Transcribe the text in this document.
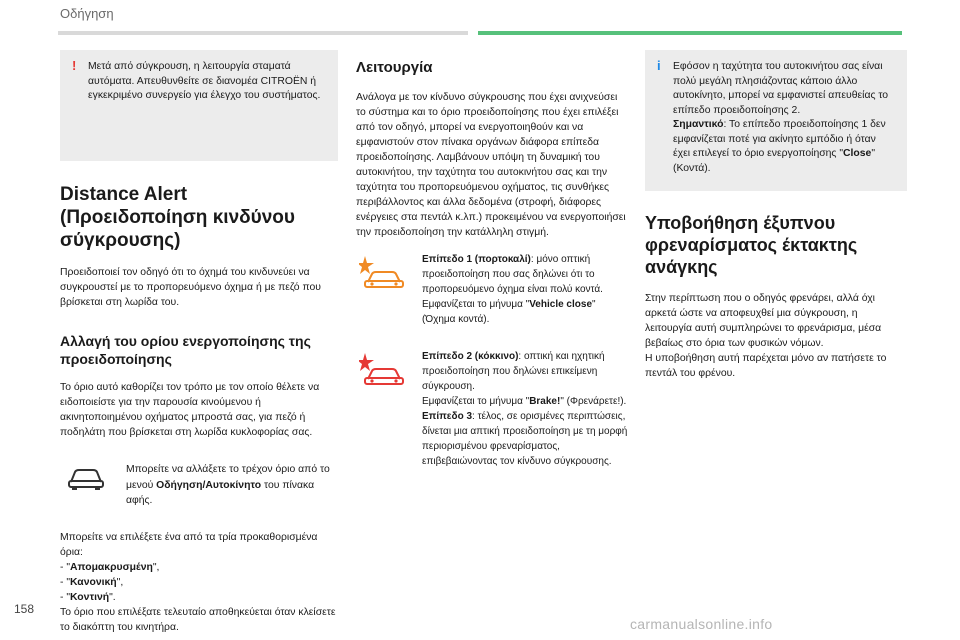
Οδήγηση
! Μετά από σύγκρουση, η λειτουργία σταματά αυτόματα. Απευθυνθείτε σε διανομέα CITROËN ή εγκεκριμένο συνεργείο για έλεγχο του συστήματος.
Distance Alert (Προειδοποίηση κινδύνου σύγκρουσης)

Προειδοποιεί τον οδηγό ότι το όχημά του κινδυνεύει να συγκρουστεί με το προπορευόμενο όχημα ή με πεζό που βρίσκεται στη λωρίδα του.

Αλλαγή του ορίου ενεργοποίησης της προειδοποίησης

Το όριο αυτό καθορίζει τον τρόπο με τον οποίο θέλετε να ειδοποιείστε για την παρουσία κινούμενου ή ακινητοποιημένου οχήματος μπροστά σας, για πεζό ή ποδηλάτη που βρίσκεται στη λωρίδα κυκλοφορίας σας.

Μπορείτε να αλλάξετε το τρέχον όριο από το μενού Οδήγηση/Αυτοκίνητο του πίνακα αφής.

Μπορείτε να επιλέξετε ένα από τα τρία προκαθορισμένα όρια:

- "Απομακρυσμένη",
- "Κανονική",
- "Κοντινή".

Το όριο που επιλέξατε τελευταίο αποθηκεύεται όταν κλείσετε το διακόπτη του κινητήρα.

Λειτουργία

Ανάλογα με τον κίνδυνο σύγκρουσης που έχει ανιχνεύσει το σύστημα και το όριο προειδοποίησης που έχει επιλέξει από τον οδηγό, μπορεί να ενεργοποιηθούν και να εμφανιστούν στον πίνακα οργάνων διάφορα επίπεδα προειδοποίησης. Λαμβάνουν υπόψη τη δυναμική του αυτοκινήτου, την ταχύτητα του αυτοκινήτου σας και την ταχύτητα του προπορευόμενου οχήματος, τις συνθήκες περιβάλλοντος και άλλα δεδομένα (στροφή, διάφορες ενέργειες στα πεντάλ κ.λπ.) προκειμένου να ενεργοποιήσει την προειδοποίηση την κατάλληλη στιγμή.

Επίπεδο 1 (πορτοκαλί): μόνο οπτική προειδοποίηση που σας δηλώνει ότι το προπορευόμενο όχημα είναι πολύ κοντά. Εμφανίζεται το μήνυμα "Vehicle close" (Όχημα κοντά).
Επίπεδο 2 (κόκκινο): οπτική και ηχητική προειδοποίηση που δηλώνει επικείμενη σύγκρουση.
Εμφανίζεται το μήνυμα "Brake!" (Φρενάρετε!).
Επίπεδο 3: τέλος, σε ορισμένες περιπτώσεις, δίνεται μια απτική προειδοποίηση με τη μορφή περιορισμένου φρεναρίσματος, επιβεβαιώνοντας τον κίνδυνο σύγκρουσης.
i Εφόσον η ταχύτητα του αυτοκινήτου σας είναι πολύ μεγάλη πλησιάζοντας κάποιο άλλο αυτοκίνητο, μπορεί να εμφανιστεί απευθείας το επίπεδο προειδοποίησης 2.
Σημαντικό: Το επίπεδο προειδοποίησης 1 δεν εμφανίζεται ποτέ για ακίνητο εμπόδιο ή όταν έχει επιλεγεί το όριο ενεργοποίησης "Close" (Κοντά).
Υποβοήθηση έξυπνου φρεναρίσματος έκτακτης ανάγκης

Στην περίπτωση που ο οδηγός φρενάρει, αλλά όχι αρκετά ώστε να αποφευχθεί μια σύγκρουση, η λειτουργία αυτή συμπληρώνει το φρενάρισμα, μέσα βεβαίως στο όρια των φυσικών νόμων.

Η υποβοήθηση αυτή παρέχεται μόνο αν πατήσετε το πεντάλ του φρένου.

158
carmanualsonline.info
